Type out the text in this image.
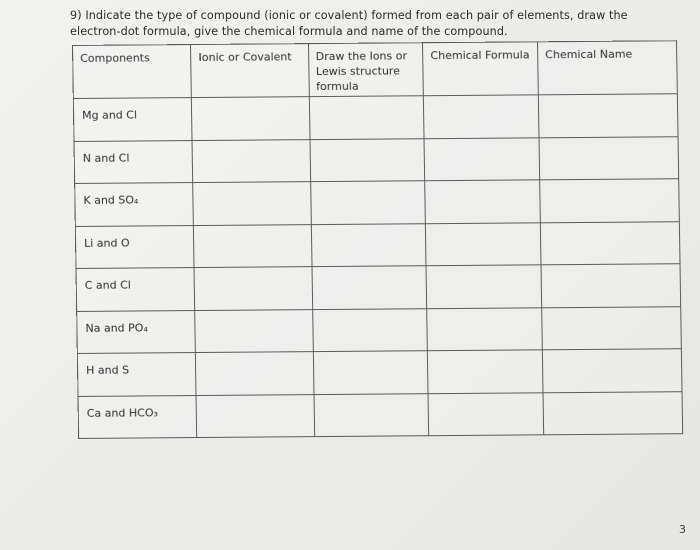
9) Indicate the type of compound (ionic or covalent) formed from each pair of elements, draw the electron-dot formula, give the chemical formula and name of the compound.
Components	Ionic or Covalent	Draw the Ions or Lewis structure formula	Chemical Formula	Chemical Name
Mg and Cl				
N and Cl				
K and SO₄				
Li and O				
C and Cl				
Na and PO₄				
H and S				
Ca and HCO₃				
3
